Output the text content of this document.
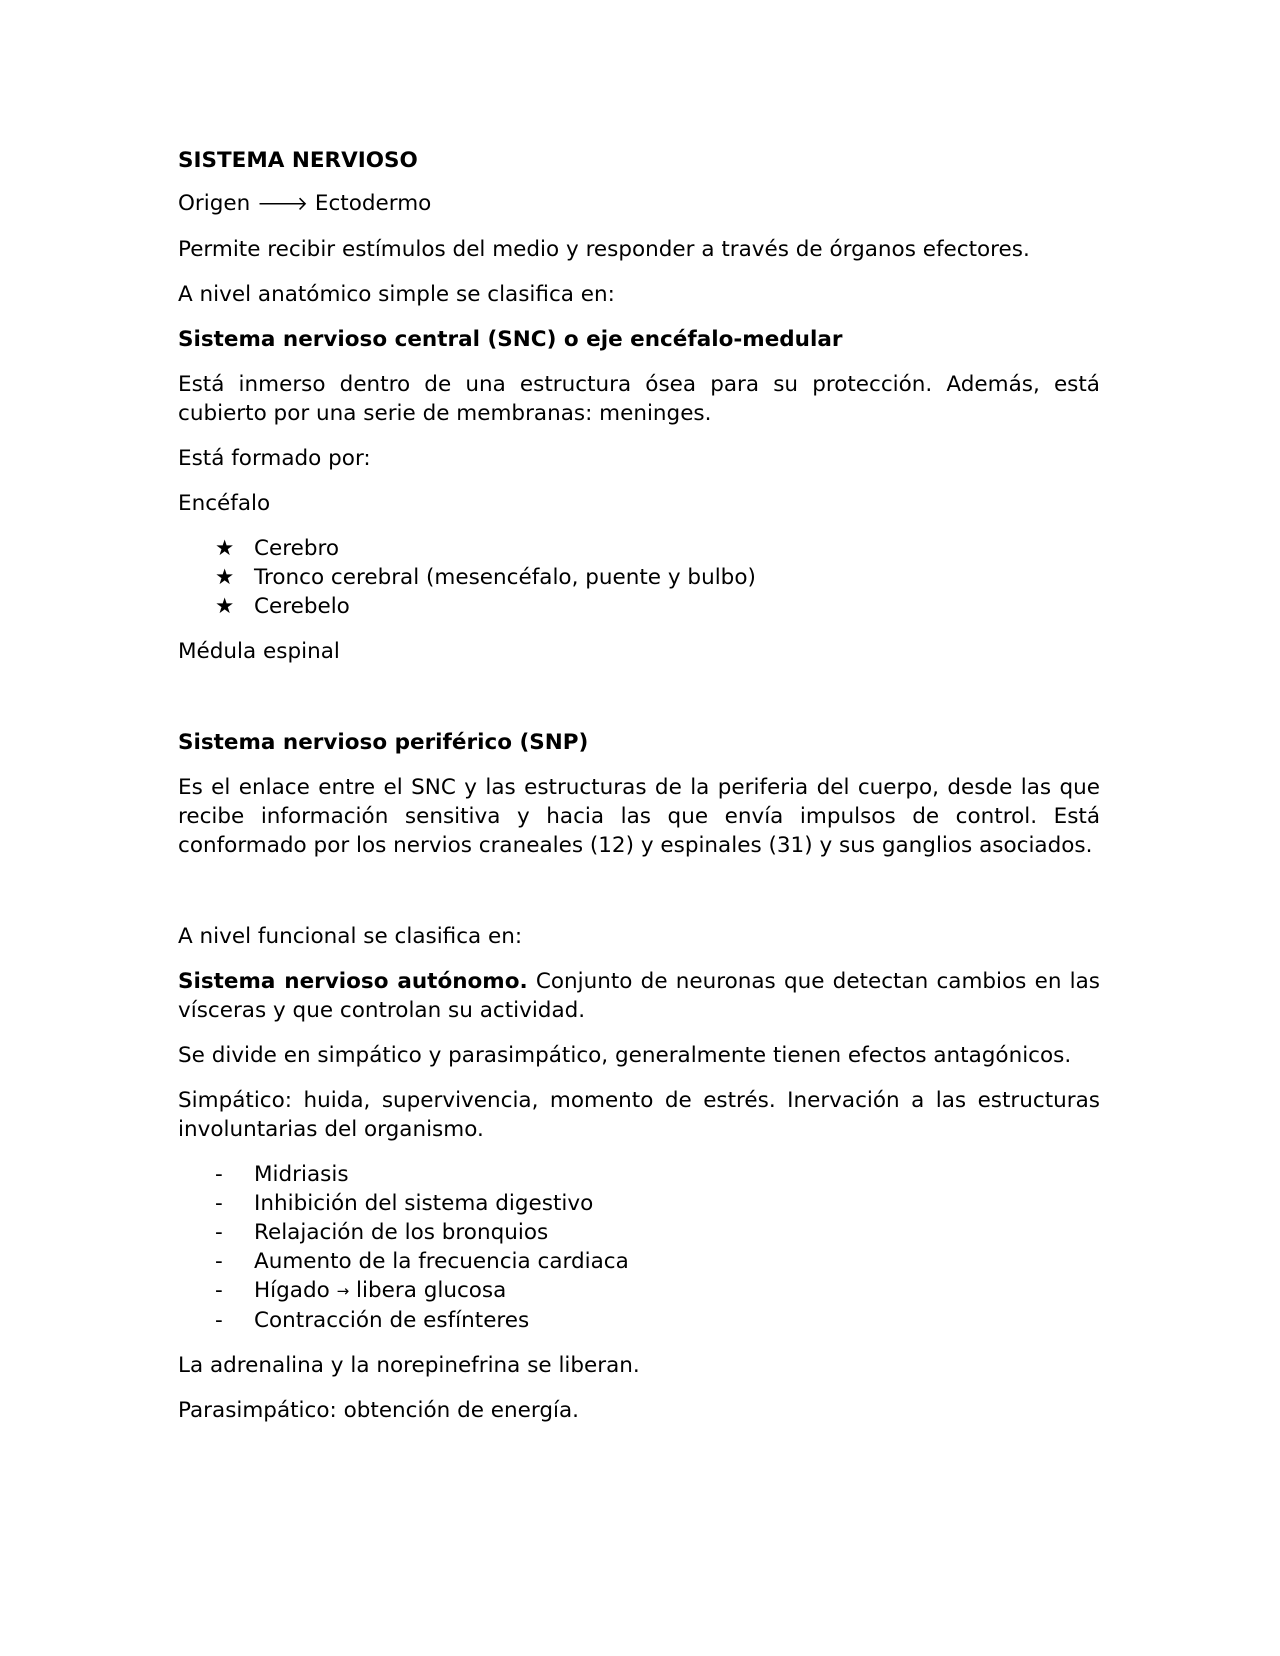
SISTEMA NERVIOSO

Origen 🡒 Ectodermo

Permite recibir estímulos del medio y responder a través de órganos efectores.

A nivel anatómico simple se clasifica en:

Sistema nervioso central (SNC) o eje encéfalo-medular

Está inmerso dentro de una estructura ósea para su protección. Además, está cubierto por una serie de membranas: meninges.

Está formado por:

Encéfalo

★ Cerebro
★ Tronco cerebral (mesencéfalo, puente y bulbo)
★ Cerebelo

Médula espinal

Sistema nervioso periférico (SNP)

Es el enlace entre el SNC y las estructuras de la periferia del cuerpo, desde las que recibe información sensitiva y hacia las que envía impulsos de control. Está conformado por los nervios craneales (12) y espinales (31) y sus ganglios asociados.

A nivel funcional se clasifica en:

Sistema nervioso autónomo. Conjunto de neuronas que detectan cambios en las vísceras y que controlan su actividad.

Se divide en simpático y parasimpático, generalmente tienen efectos antagónicos.

Simpático: huida, supervivencia, momento de estrés. Inervación a las estructuras involuntarias del organismo.

- Midriasis
- Inhibición del sistema digestivo
- Relajación de los bronquios
- Aumento de la frecuencia cardiaca
- Hígado → libera glucosa
- Contracción de esfínteres

La adrenalina y la norepinefrina se liberan.

Parasimpático: obtención de energía.
